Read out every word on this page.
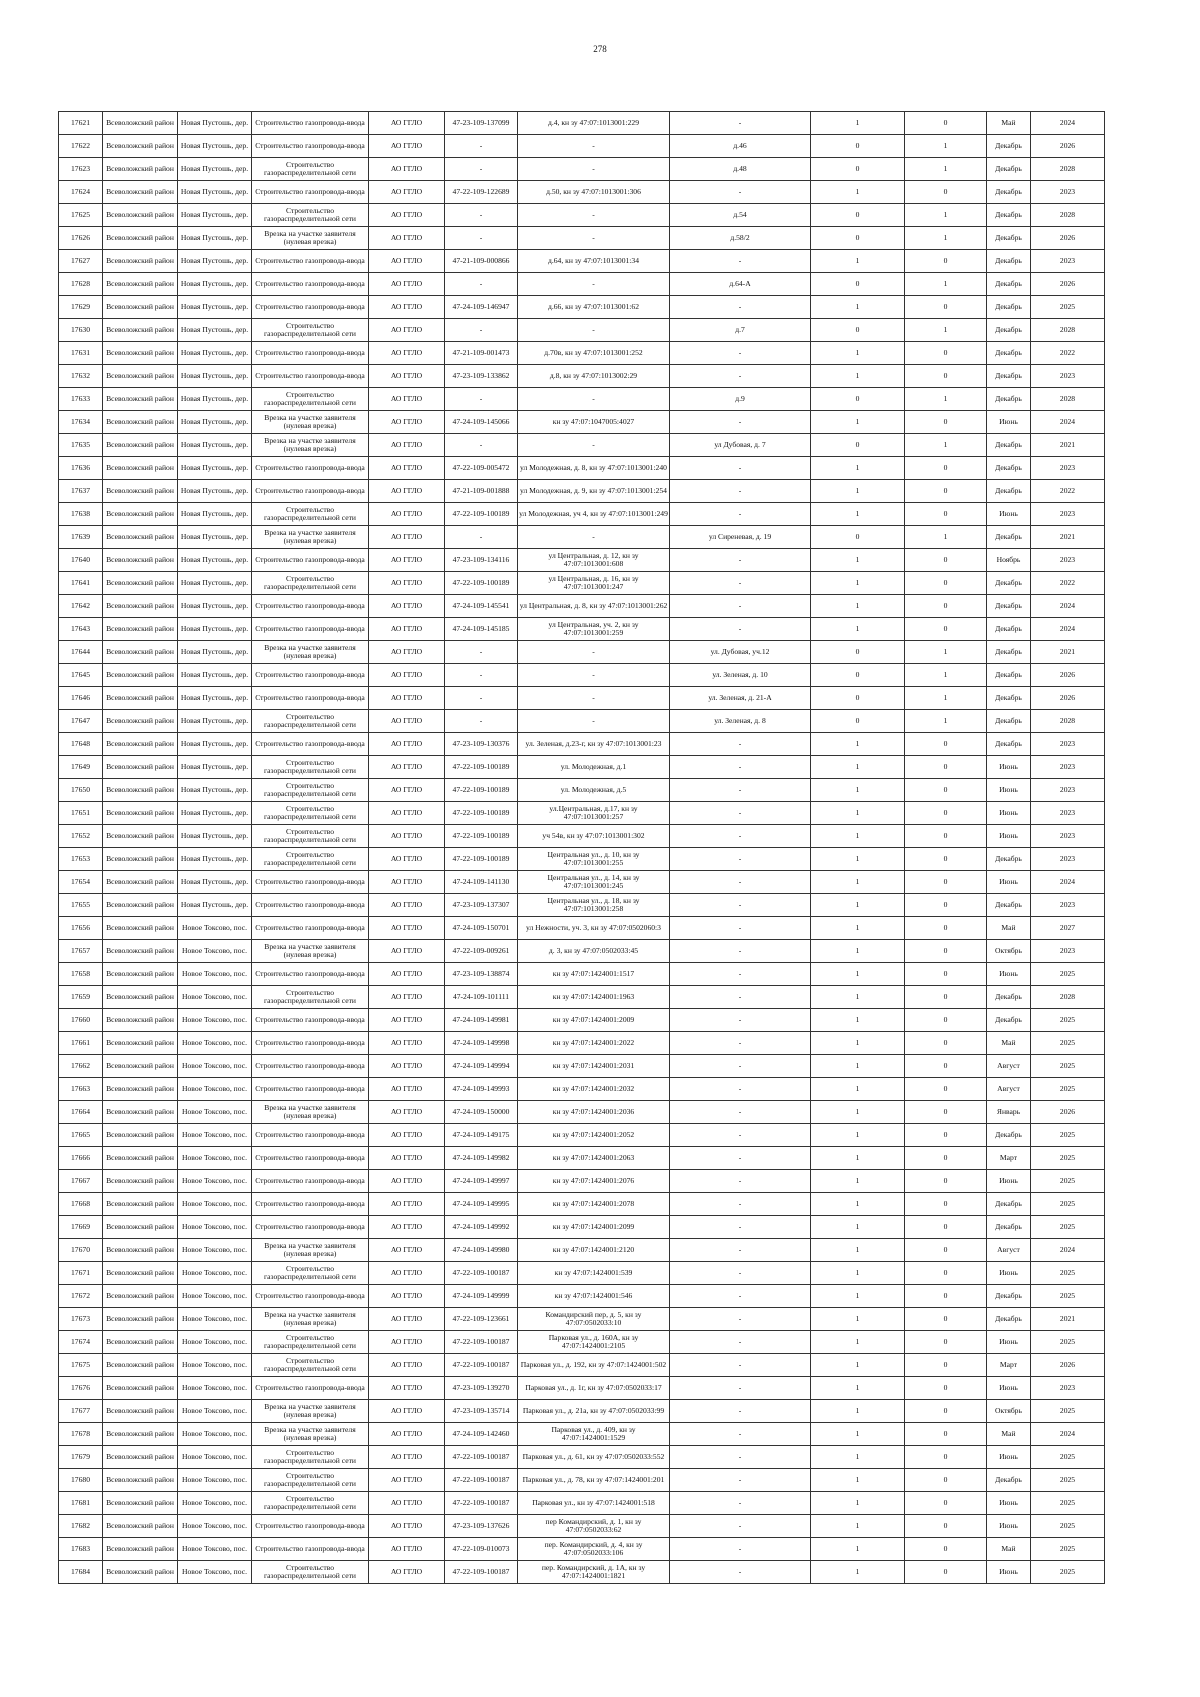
278
17621	Всеволожский район	Новая Пустошь, дер.	Строительство газопровода-ввода	АО ГГЛО	47-23-109-137099	д.4, кн зу 47:07:1013001:229	-	1	0	Май	2024
17622	Всеволожский район	Новая Пустошь, дер.	Строительство газопровода-ввода	АО ГГЛО	-	-	д.46	0	1	Декабрь	2026
17623	Всеволожский район	Новая Пустошь, дер.	Строительство газораспределительной сети	АО ГГЛО	-	-	д.48	0	1	Декабрь	2028
17624	Всеволожский район	Новая Пустошь, дер.	Строительство газопровода-ввода	АО ГГЛО	47-22-109-122689	д.50, кн зу 47:07:1013001:306	-	1	0	Декабрь	2023
17625	Всеволожский район	Новая Пустошь, дер.	Строительство газораспределительной сети	АО ГГЛО	-	-	д.54	0	1	Декабрь	2028
17626	Всеволожский район	Новая Пустошь, дер.	Врезка на участке заявителя (нулевая врезка)	АО ГГЛО	-	-	д.58/2	0	1	Декабрь	2026
17627	Всеволожский район	Новая Пустошь, дер.	Строительство газопровода-ввода	АО ГГЛО	47-21-109-000866	д.64, кн зу 47:07:1013001:34	-	1	0	Декабрь	2023
17628	Всеволожский район	Новая Пустошь, дер.	Строительство газопровода-ввода	АО ГГЛО	-	-	д.64-А	0	1	Декабрь	2026
17629	Всеволожский район	Новая Пустошь, дер.	Строительство газопровода-ввода	АО ГГЛО	47-24-109-146947	д.66, кн зу 47:07:1013001:62	-	1	0	Декабрь	2025
17630	Всеволожский район	Новая Пустошь, дер.	Строительство газораспределительной сети	АО ГГЛО	-	-	д.7	0	1	Декабрь	2028
17631	Всеволожский район	Новая Пустошь, дер.	Строительство газопровода-ввода	АО ГГЛО	47-21-109-001473	д.70в, кн зу 47:07:1013001:252	-	1	0	Декабрь	2022
17632	Всеволожский район	Новая Пустошь, дер.	Строительство газопровода-ввода	АО ГГЛО	47-23-109-133862	д.8, кн зу 47:07:1013002:29	-	1	0	Декабрь	2023
17633	Всеволожский район	Новая Пустошь, дер.	Строительство газораспределительной сети	АО ГГЛО	-	-	д.9	0	1	Декабрь	2028
17634	Всеволожский район	Новая Пустошь, дер.	Врезка на участке заявителя (нулевая врезка)	АО ГГЛО	47-24-109-145066	кн зу 47:07:1047005:4027	-	1	0	Июнь	2024
17635	Всеволожский район	Новая Пустошь, дер.	Врезка на участке заявителя (нулевая врезка)	АО ГГЛО	-	-	ул Дубовая, д. 7	0	1	Декабрь	2021
17636	Всеволожский район	Новая Пустошь, дер.	Строительство газопровода-ввода	АО ГГЛО	47-22-109-005472	ул Молодежная, д. 8, кн зу 47:07:1013001:240	-	1	0	Декабрь	2023
17637	Всеволожский район	Новая Пустошь, дер.	Строительство газопровода-ввода	АО ГГЛО	47-21-109-001888	ул Молодежная, д. 9, кн зу 47:07:1013001:254	-	1	0	Декабрь	2022
17638	Всеволожский район	Новая Пустошь, дер.	Строительство газораспределительной сети	АО ГГЛО	47-22-109-100189	ул Молодежная, уч 4, кн зу 47:07:1013001:249	-	1	0	Июнь	2023
17639	Всеволожский район	Новая Пустошь, дер.	Врезка на участке заявителя (нулевая врезка)	АО ГГЛО	-	-	ул Сиреневая, д. 19	0	1	Декабрь	2021
17640	Всеволожский район	Новая Пустошь, дер.	Строительство газопровода-ввода	АО ГГЛО	47-23-109-134116	ул Центральная, д. 12, кн зу 47:07:1013001:608	-	1	0	Ноябрь	2023
17641	Всеволожский район	Новая Пустошь, дер.	Строительство газораспределительной сети	АО ГГЛО	47-22-109-100189	ул Центральная, д. 16, кн зу 47:07:1013001:247	-	1	0	Декабрь	2022
17642	Всеволожский район	Новая Пустошь, дер.	Строительство газопровода-ввода	АО ГГЛО	47-24-109-145541	ул Центральная, д. 8, кн зу 47:07:1013001:262	-	1	0	Декабрь	2024
17643	Всеволожский район	Новая Пустошь, дер.	Строительство газопровода-ввода	АО ГГЛО	47-24-109-145185	ул Центральная, уч. 2, кн зу 47:07:1013001:259	-	1	0	Декабрь	2024
17644	Всеволожский район	Новая Пустошь, дер.	Врезка на участке заявителя (нулевая врезка)	АО ГГЛО	-	-	ул. Дубовая, уч.12	0	1	Декабрь	2021
17645	Всеволожский район	Новая Пустошь, дер.	Строительство газопровода-ввода	АО ГГЛО	-	-	ул. Зеленая, д. 10	0	1	Декабрь	2026
17646	Всеволожский район	Новая Пустошь, дер.	Строительство газопровода-ввода	АО ГГЛО	-	-	ул. Зеленая, д. 21-А	0	1	Декабрь	2026
17647	Всеволожский район	Новая Пустошь, дер.	Строительство газораспределительной сети	АО ГГЛО	-	-	ул. Зеленая, д. 8	0	1	Декабрь	2028
17648	Всеволожский район	Новая Пустошь, дер.	Строительство газопровода-ввода	АО ГГЛО	47-23-109-130376	ул. Зеленая, д.23-г, кн зу 47:07:1013001:23	-	1	0	Декабрь	2023
17649	Всеволожский район	Новая Пустошь, дер.	Строительство газораспределительной сети	АО ГГЛО	47-22-109-100189	ул. Молодежная, д.1	-	1	0	Июнь	2023
17650	Всеволожский район	Новая Пустошь, дер.	Строительство газораспределительной сети	АО ГГЛО	47-22-109-100189	ул. Молодежная, д.5	-	1	0	Июнь	2023
17651	Всеволожский район	Новая Пустошь, дер.	Строительство газораспределительной сети	АО ГГЛО	47-22-109-100189	ул.Центральная, д.17, кн зу 47:07:1013001:257	-	1	0	Июнь	2023
17652	Всеволожский район	Новая Пустошь, дер.	Строительство газораспределительной сети	АО ГГЛО	47-22-109-100189	уч 54в, кн зу 47:07:1013001:302	-	1	0	Июнь	2023
17653	Всеволожский район	Новая Пустошь, дер.	Строительство газораспределительной сети	АО ГГЛО	47-22-109-100189	Центральная ул., д. 10, кн зу 47:07:1013001:255	-	1	0	Декабрь	2023
17654	Всеволожский район	Новая Пустошь, дер.	Строительство газопровода-ввода	АО ГГЛО	47-24-109-141130	Центральная ул., д. 14, кн зу 47:07:1013001:245	-	1	0	Июнь	2024
17655	Всеволожский район	Новая Пустошь, дер.	Строительство газопровода-ввода	АО ГГЛО	47-23-109-137307	Центральная ул., д. 18, кн зу 47:07:1013001:258	-	1	0	Декабрь	2023
17656	Всеволожский район	Новое Токсово, пос.	Строительство газопровода-ввода	АО ГГЛО	47-24-109-150701	ул Нежности, уч. 3, кн зу 47:07:0502060:3	-	1	0	Май	2027
17657	Всеволожский район	Новое Токсово, пос.	Врезка на участке заявителя (нулевая врезка)	АО ГГЛО	47-22-109-009261	д. 3, кн зу 47:07:0502033:45	-	1	0	Октябрь	2023
17658	Всеволожский район	Новое Токсово, пос.	Строительство газопровода-ввода	АО ГГЛО	47-23-109-138874	кн зу 47:07:1424001:1517	-	1	0	Июнь	2025
17659	Всеволожский район	Новое Токсово, пос.	Строительство газораспределительной сети	АО ГГЛО	47-24-109-101111	кн зу 47:07:1424001:1963	-	1	0	Декабрь	2028
17660	Всеволожский район	Новое Токсово, пос.	Строительство газопровода-ввода	АО ГГЛО	47-24-109-149981	кн зу 47:07:1424001:2009	-	1	0	Декабрь	2025
17661	Всеволожский район	Новое Токсово, пос.	Строительство газопровода-ввода	АО ГГЛО	47-24-109-149998	кн зу 47:07:1424001:2022	-	1	0	Май	2025
17662	Всеволожский район	Новое Токсово, пос.	Строительство газопровода-ввода	АО ГГЛО	47-24-109-149994	кн зу 47:07:1424001:2031	-	1	0	Август	2025
17663	Всеволожский район	Новое Токсово, пос.	Строительство газопровода-ввода	АО ГГЛО	47-24-109-149993	кн зу 47:07:1424001:2032	-	1	0	Август	2025
17664	Всеволожский район	Новое Токсово, пос.	Врезка на участке заявителя (нулевая врезка)	АО ГГЛО	47-24-109-150000	кн зу 47:07:1424001:2036	-	1	0	Январь	2026
17665	Всеволожский район	Новое Токсово, пос.	Строительство газопровода-ввода	АО ГГЛО	47-24-109-149175	кн зу 47:07:1424001:2052	-	1	0	Декабрь	2025
17666	Всеволожский район	Новое Токсово, пос.	Строительство газопровода-ввода	АО ГГЛО	47-24-109-149982	кн зу 47:07:1424001:2063	-	1	0	Март	2025
17667	Всеволожский район	Новое Токсово, пос.	Строительство газопровода-ввода	АО ГГЛО	47-24-109-149997	кн зу 47:07:1424001:2076	-	1	0	Июнь	2025
17668	Всеволожский район	Новое Токсово, пос.	Строительство газопровода-ввода	АО ГГЛО	47-24-109-149995	кн зу 47:07:1424001:2078	-	1	0	Декабрь	2025
17669	Всеволожский район	Новое Токсово, пос.	Строительство газопровода-ввода	АО ГГЛО	47-24-109-149992	кн зу 47:07:1424001:2099	-	1	0	Декабрь	2025
17670	Всеволожский район	Новое Токсово, пос.	Врезка на участке заявителя (нулевая врезка)	АО ГГЛО	47-24-109-149980	кн зу 47:07:1424001:2120	-	1	0	Август	2024
17671	Всеволожский район	Новое Токсово, пос.	Строительство газораспределительной сети	АО ГГЛО	47-22-109-100187	кн зу 47:07:1424001:539	-	1	0	Июнь	2025
17672	Всеволожский район	Новое Токсово, пос.	Строительство газопровода-ввода	АО ГГЛО	47-24-109-149999	кн зу 47:07:1424001:546	-	1	0	Декабрь	2025
17673	Всеволожский район	Новое Токсово, пос.	Врезка на участке заявителя (нулевая врезка)	АО ГГЛО	47-22-109-123661	Командирский пер, д. 5, кн зу 47:07:0502033:10	-	1	0	Декабрь	2021
17674	Всеволожский район	Новое Токсово, пос.	Строительство газораспределительной сети	АО ГГЛО	47-22-109-100187	Парковая ул., д. 160А, кн зу 47:07:1424001:2105	-	1	0	Июнь	2025
17675	Всеволожский район	Новое Токсово, пос.	Строительство газораспределительной сети	АО ГГЛО	47-22-109-100187	Парковая ул., д. 192, кн зу 47:07:1424001:502	-	1	0	Март	2026
17676	Всеволожский район	Новое Токсово, пос.	Строительство газопровода-ввода	АО ГГЛО	47-23-109-139270	Парковая ул., д. 1г, кн зу 47:07:0502033:17	-	1	0	Июнь	2023
17677	Всеволожский район	Новое Токсово, пос.	Врезка на участке заявителя (нулевая врезка)	АО ГГЛО	47-23-109-135714	Парковая ул., д. 21а, кн зу 47:07:0502033:99	-	1	0	Октябрь	2025
17678	Всеволожский район	Новое Токсово, пос.	Врезка на участке заявителя (нулевая врезка)	АО ГГЛО	47-24-109-142460	Парковая ул., д. 409, кн зу 47:07:1424001:1529	-	1	0	Май	2024
17679	Всеволожский район	Новое Токсово, пос.	Строительство газораспределительной сети	АО ГГЛО	47-22-109-100187	Парковая ул., д. 61, кн зу 47:07:0502033:552	-	1	0	Июнь	2025
17680	Всеволожский район	Новое Токсово, пос.	Строительство газораспределительной сети	АО ГГЛО	47-22-109-100187	Парковая ул., д. 78, кн зу 47:07:1424001:201	-	1	0	Декабрь	2025
17681	Всеволожский район	Новое Токсово, пос.	Строительство газораспределительной сети	АО ГГЛО	47-22-109-100187	Парковая ул., кн зу 47:07:1424001:518	-	1	0	Июнь	2025
17682	Всеволожский район	Новое Токсово, пос.	Строительство газопровода-ввода	АО ГГЛО	47-23-109-137626	пер Командирский, д. 1, кн зу 47:07:0502033:62	-	1	0	Июнь	2025
17683	Всеволожский район	Новое Токсово, пос.	Строительство газопровода-ввода	АО ГГЛО	47-22-109-010073	пер. Командирский, д. 4, кн зу 47:07:0502033:106	-	1	0	Май	2025
17684	Всеволожский район	Новое Токсово, пос.	Строительство газораспределительной сети	АО ГГЛО	47-22-109-100187	пер. Командирский, д. 1А, кн зу 47:07:1424001:1821	-	1	0	Июнь	2025
